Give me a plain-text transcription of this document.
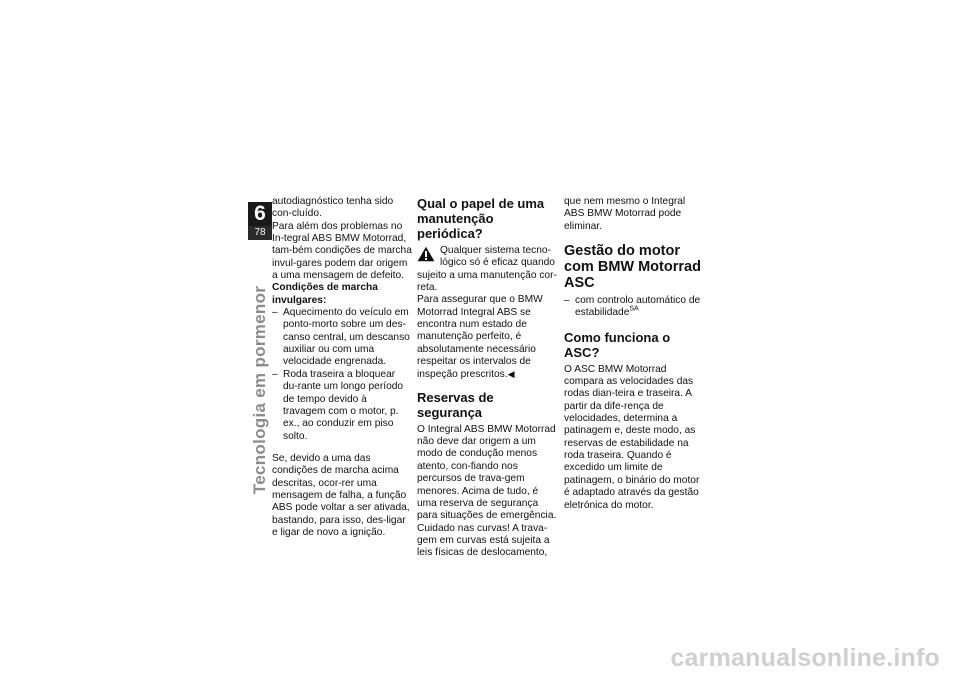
6
78
Tecnologia em pormenor

autodiagnóstico tenha sido con-cluído.

Para além dos problemas no In-tegral ABS BMW Motorrad, tam-bém condições de marcha invul-gares podem dar origem a uma mensagem de defeito.

Condições de marcha invulgares:

– Aquecimento do veículo em ponto-morto sobre um des-canso central, um descanso auxiliar ou com uma velocidade engrenada.
– Roda traseira a bloquear du-rante um longo período de tempo devido à travagem com o motor, p. ex., ao conduzir em piso solto.

Se, devido a uma das condições de marcha acima descritas, ocor-rer uma mensagem de falha, a função ABS pode voltar a ser ativada, bastando, para isso, des-ligar e ligar de novo a ignição.

Qual o papel de uma manutenção periódica?
Qualquer sistema tecno-lógico só é eficaz quando sujeito a uma manutenção cor-reta.

Para assegurar que o BMW Motorrad Integral ABS se encontra num estado de manutenção perfeito, é absolutamente necessário respeitar os intervalos de inspeção prescritos.◀

Reservas de segurança

O Integral ABS BMW Motorrad não deve dar origem a um modo de condução menos atento, con-fiando nos percursos de trava-gem menores. Acima de tudo, é uma reserva de segurança para situações de emergência.

Cuidado nas curvas! A trava-gem em curvas está sujeita a leis físicas de deslocamento,

que nem mesmo o Integral ABS BMW Motorrad pode eliminar.

Gestão do motor com BMW Motorrad ASC
– com controlo automático de estabilidade$^{SA}$
Como funciona o ASC?

O ASC BMW Motorrad compara as velocidades das rodas dian-teira e traseira. A partir da dife-rença de velocidades, determina a patinagem e, deste modo, as reservas de estabilidade na roda traseira. Quando é excedido um limite de patinagem, o binário do motor é adaptado através da gestão eletrónica do motor.

carmanualsonline.info
